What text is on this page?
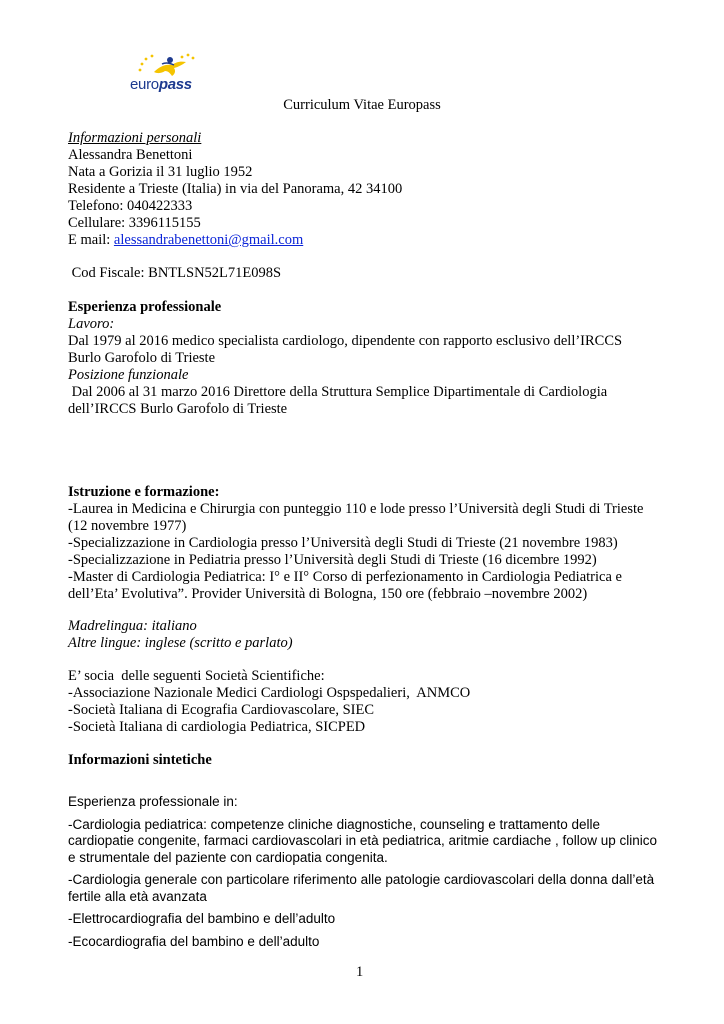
europass
Curriculum Vitae Europass

Informazioni personali

Alessandra Benettoni

Nata a Gorizia il 31 luglio 1952

Residente a Trieste (Italia) in via del Panorama, 42 34100

Telefono: 040422333

Cellulare: 3396115155

E mail: alessandrabenettoni@gmail.com

Cod Fiscale: BNTLSN52L71E098S

Esperienza professionale

Lavoro:

Dal 1979 al 2016 medico specialista cardiologo, dipendente con rapporto esclusivo dell’IRCCS

Burlo Garofolo di Trieste

Posizione funzionale

Dal 2006 al 31 marzo 2016 Direttore della Struttura Semplice Dipartimentale di Cardiologia

dell’IRCCS Burlo Garofolo di Trieste

Istruzione e formazione:

-Laurea in Medicina e Chirurgia con punteggio 110 e lode presso l’Università degli Studi di Trieste

(12 novembre 1977)

-Specializzazione in Cardiologia presso l’Università degli Studi di Trieste (21 novembre 1983)

-Specializzazione in Pediatria presso l’Università degli Studi di Trieste (16 dicembre 1992)

-Master di Cardiologia Pediatrica: I° e II° Corso di perfezionamento in Cardiologia Pediatrica e

dell’Eta’ Evolutiva”. Provider Università di Bologna, 150 ore (febbraio –novembre 2002)

Madrelingua: italiano

Altre lingue: inglese (scritto e parlato)

E’ socia  delle seguenti Società Scientifiche:

-Associazione Nazionale Medici Cardiologi Ospspedalieri,  ANMCO

-Società Italiana di Ecografia Cardiovascolare, SIEC

-Società Italiana di cardiologia Pediatrica, SICPED

Informazioni sintetiche

Esperienza professionale in:

-Cardiologia pediatrica: competenze cliniche diagnostiche, counseling e trattamento delle cardiopatie congenite, farmaci cardiovascolari in età pediatrica, aritmie cardiache , follow up clinico e strumentale del paziente con cardiopatia congenita.

-Cardiologia generale con particolare riferimento alle patologie cardiovascolari della donna dall’età fertile alla età avanzata

-Elettrocardiografia del bambino e dell’adulto

-Ecocardiografia del bambino e dell’adulto

1
